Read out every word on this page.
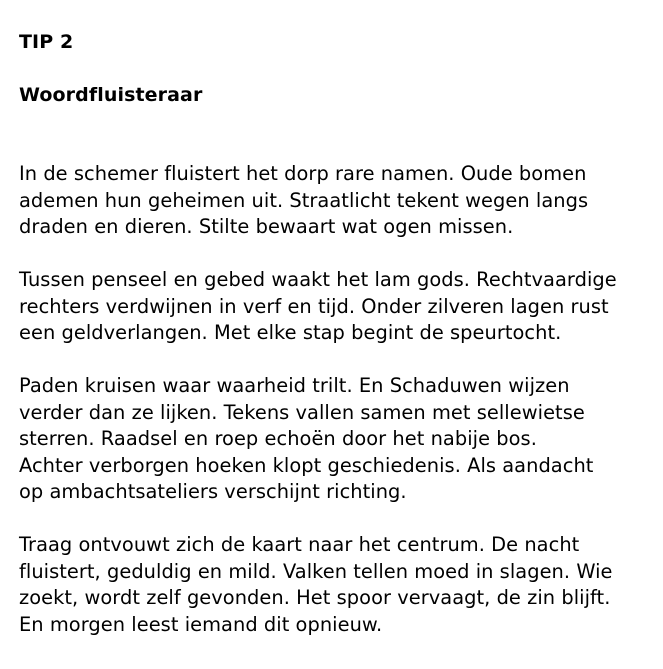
TIP 2
Woordfluisteraar
In de schemer fluistert het dorp rare namen. Oude bomen
ademen hun geheimen uit. Straatlicht tekent wegen langs
draden en dieren. Stilte bewaart wat ogen missen.
Tussen penseel en gebed waakt het lam gods. Rechtvaardige
rechters verdwijnen in verf en tijd. Onder zilveren lagen rust
een geldverlangen. Met elke stap begint de speurtocht.
Paden kruisen waar waarheid trilt. En Schaduwen wijzen
verder dan ze lijken. Tekens vallen samen met sellewietse
sterren. Raadsel en roep echoën door het nabije bos.
Achter verborgen hoeken klopt geschiedenis. Als aandacht
op ambachtsateliers verschijnt richting.
Traag ontvouwt zich de kaart naar het centrum. De nacht
fluistert, geduldig en mild. Valken tellen moed in slagen. Wie
zoekt, wordt zelf gevonden. Het spoor vervaagt, de zin blijft.
En morgen leest iemand dit opnieuw.
